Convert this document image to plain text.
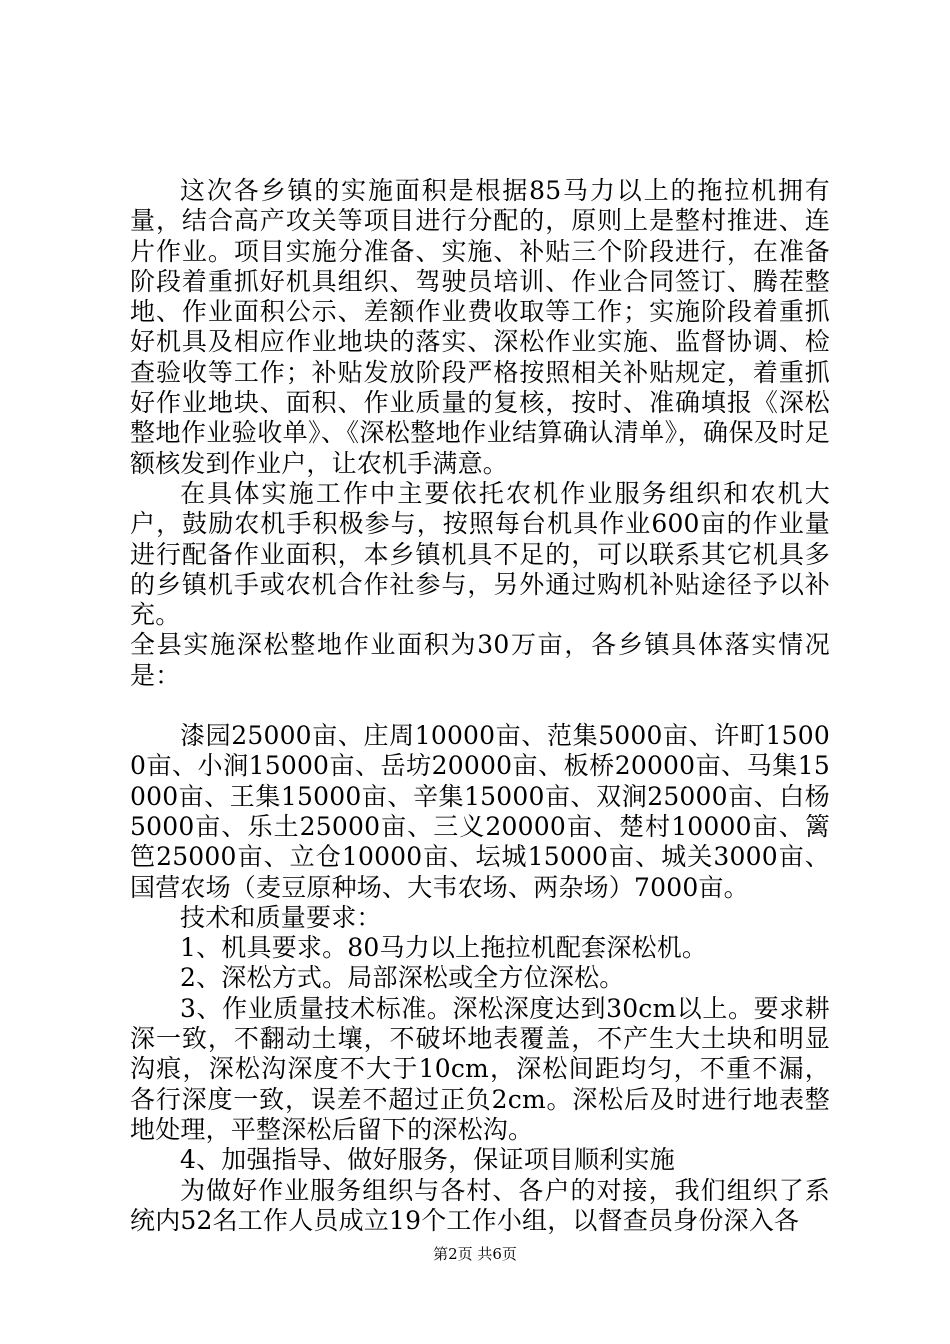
这次各乡镇的实施面积是根据85马力以上的拖拉机拥有量，结合高产攻关等项目进行分配的，原则上是整村推进、连片作业。项目实施分准备、实施、补贴三个阶段进行，在准备阶段着重抓好机具组织、驾驶员培训、作业合同签订、腾茬整地、作业面积公示、差额作业费收取等工作；实施阶段着重抓好机具及相应作业地块的落实、深松作业实施、监督协调、检查验收等工作；补贴发放阶段严格按照相关补贴规定，着重抓好作业地块、面积、作业质量的复核，按时、准确填报《深松整地作业验收单》、《深松整地作业结算确认清单》，确保及时足额核发到作业户，让农机手满意。

在具体实施工作中主要依托农机作业服务组织和农机大户，鼓励农机手积极参与，按照每台机具作业600亩的作业量进行配备作业面积，本乡镇机具不足的，可以联系其它机具多的乡镇机手或农机合作社参与，另外通过购机补贴途径予以补充。

全县实施深松整地作业面积为30万亩，各乡镇具体落实情况是：

漆园25000亩、庄周10000亩、范集5000亩、许町15000亩、小涧15000亩、岳坊20000亩、板桥20000亩、马集15000亩、王集15000亩、辛集15000亩、双涧25000亩、白杨5000亩、乐土25000亩、三义20000亩、楚村10000亩、篱笆25000亩、立仓10000亩、坛城15000亩、城关3000亩、国营农场（麦豆原种场、大韦农场、两杂场）7000亩。

技术和质量要求：

1、机具要求。80马力以上拖拉机配套深松机。

2、深松方式。局部深松或全方位深松。

3、作业质量技术标准。深松深度达到30cm以上。要求耕深一致，不翻动土壤，不破坏地表覆盖，不产生大土块和明显沟痕，深松沟深度不大于10cm，深松间距均匀，不重不漏，各行深度一致，误差不超过正负2cm。深松后及时进行地表整地处理，平整深松后留下的深松沟。

4、加强指导、做好服务，保证项目顺利实施

为做好作业服务组织与各村、各户的对接，我们组织了系统内52名工作人员成立19个工作小组，以督查员身份深入各

第2页 共6页
